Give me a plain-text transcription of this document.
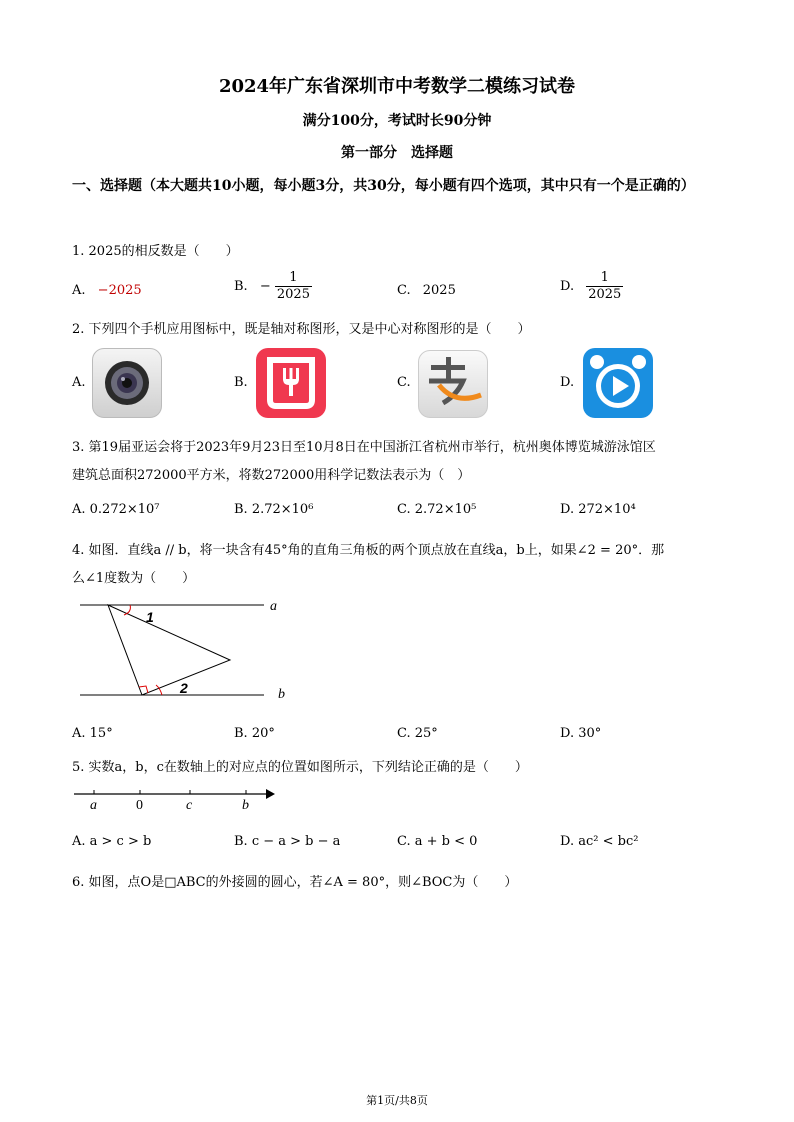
2024年广东省深圳市中考数学二模练习试卷
满分100分，考试时长90分钟
第一部分　选择题
一、选择题（本大题共10小题，每小题3分，共30分，每小题有四个选项，其中只有一个是正确的）
1. 2025的相反数是（　　）
A. −2025	B. − $\frac{1}{2025}$	C. 2025	D. $\frac{1}{2025}$
2. 下列四个手机应用图标中，既是轴对称图形，又是中心对称图形的是（　　）
A.	B.	C.	D.
3. 第19届亚运会将于2023年9月23日至10月8日在中国浙江省杭州市举行，杭州奥体博览城游泳馆区
建筑总面积272000平方米，将数272000用科学记数法表示为（　）
A. 0.272×10⁷	B. 2.72×10⁶	C. 2.72×10⁵	D. 272×10⁴
4. 如图．直线a // b，将一块含有45°角的直角三角板的两个顶点放在直线a，b上，如果∠2 = 20°．那
么∠1度数为（　　）
a
b
1
2
A. 15°	B. 20°	C. 25°	D. 30°
5. 实数a，b，c在数轴上的对应点的位置如图所示，下列结论正确的是（　　）
a	0	c	b
A. a > c > b	B. c − a > b − a	C. a + b < 0	D. ac² < bc²
6. 如图，点O是□ABC的外接圆的圆心，若∠A = 80°，则∠BOC为（　　）
第1页/共8页
